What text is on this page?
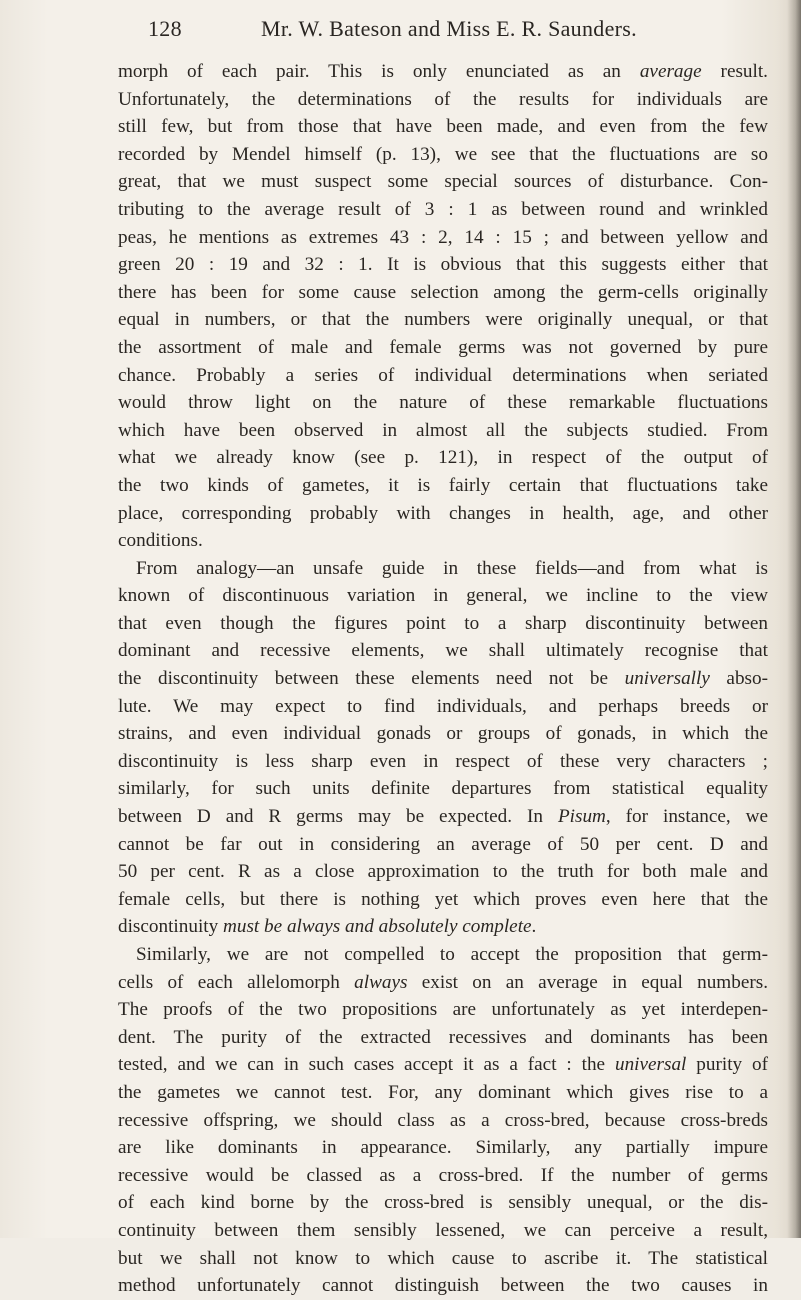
128	Mr. W. Bateson and Miss E. R. Saunders.
morph of each pair. This is only enunciated as an average result.
Unfortunately, the determinations of the results for individuals are
still few, but from those that have been made, and even from the few
recorded by Mendel himself (p. 13), we see that the fluctuations are so
great, that we must suspect some special sources of disturbance. Con-
tributing to the average result of 3 : 1 as between round and wrinkled
peas, he mentions as extremes 43 : 2, 14 : 15 ; and between yellow and
green 20 : 19 and 32 : 1. It is obvious that this suggests either that
there has been for some cause selection among the germ-cells originally
equal in numbers, or that the numbers were originally unequal, or that
the assortment of male and female germs was not governed by pure
chance. Probably a series of individual determinations when seriated
would throw light on the nature of these remarkable fluctuations
which have been observed in almost all the subjects studied. From
what we already know (see p. 121), in respect of the output of
the two kinds of gametes, it is fairly certain that fluctuations take
place, corresponding probably with changes in health, age, and other
conditions.
From analogy—an unsafe guide in these fields—and from what is
known of discontinuous variation in general, we incline to the view
that even though the figures point to a sharp discontinuity between
dominant and recessive elements, we shall ultimately recognise that
the discontinuity between these elements need not be universally abso-
lute. We may expect to find individuals, and perhaps breeds or
strains, and even individual gonads or groups of gonads, in which the
discontinuity is less sharp even in respect of these very characters ;
similarly, for such units definite departures from statistical equality
between D and R germs may be expected. In Pisum, for instance, we
cannot be far out in considering an average of 50 per cent. D and
50 per cent. R as a close approximation to the truth for both male and
female cells, but there is nothing yet which proves even here that the
discontinuity must be always and absolutely complete.
Similarly, we are not compelled to accept the proposition that germ-
cells of each allelomorph always exist on an average in equal numbers.
The proofs of the two propositions are unfortunately as yet interdepen-
dent. The purity of the extracted recessives and dominants has been
tested, and we can in such cases accept it as a fact : the universal purity of
the gametes we cannot test. For, any dominant which gives rise to a
recessive offspring, we should class as a cross-bred, because cross-breds
are like dominants in appearance. Similarly, any partially impure
recessive would be classed as a cross-bred. If the number of germs
of each kind borne by the cross-bred is sensibly unequal, or the dis-
continuity between them sensibly lessened, we can perceive a result,
but we shall not know to which cause to ascribe it. The statistical
method unfortunately cannot distinguish between the two causes in
